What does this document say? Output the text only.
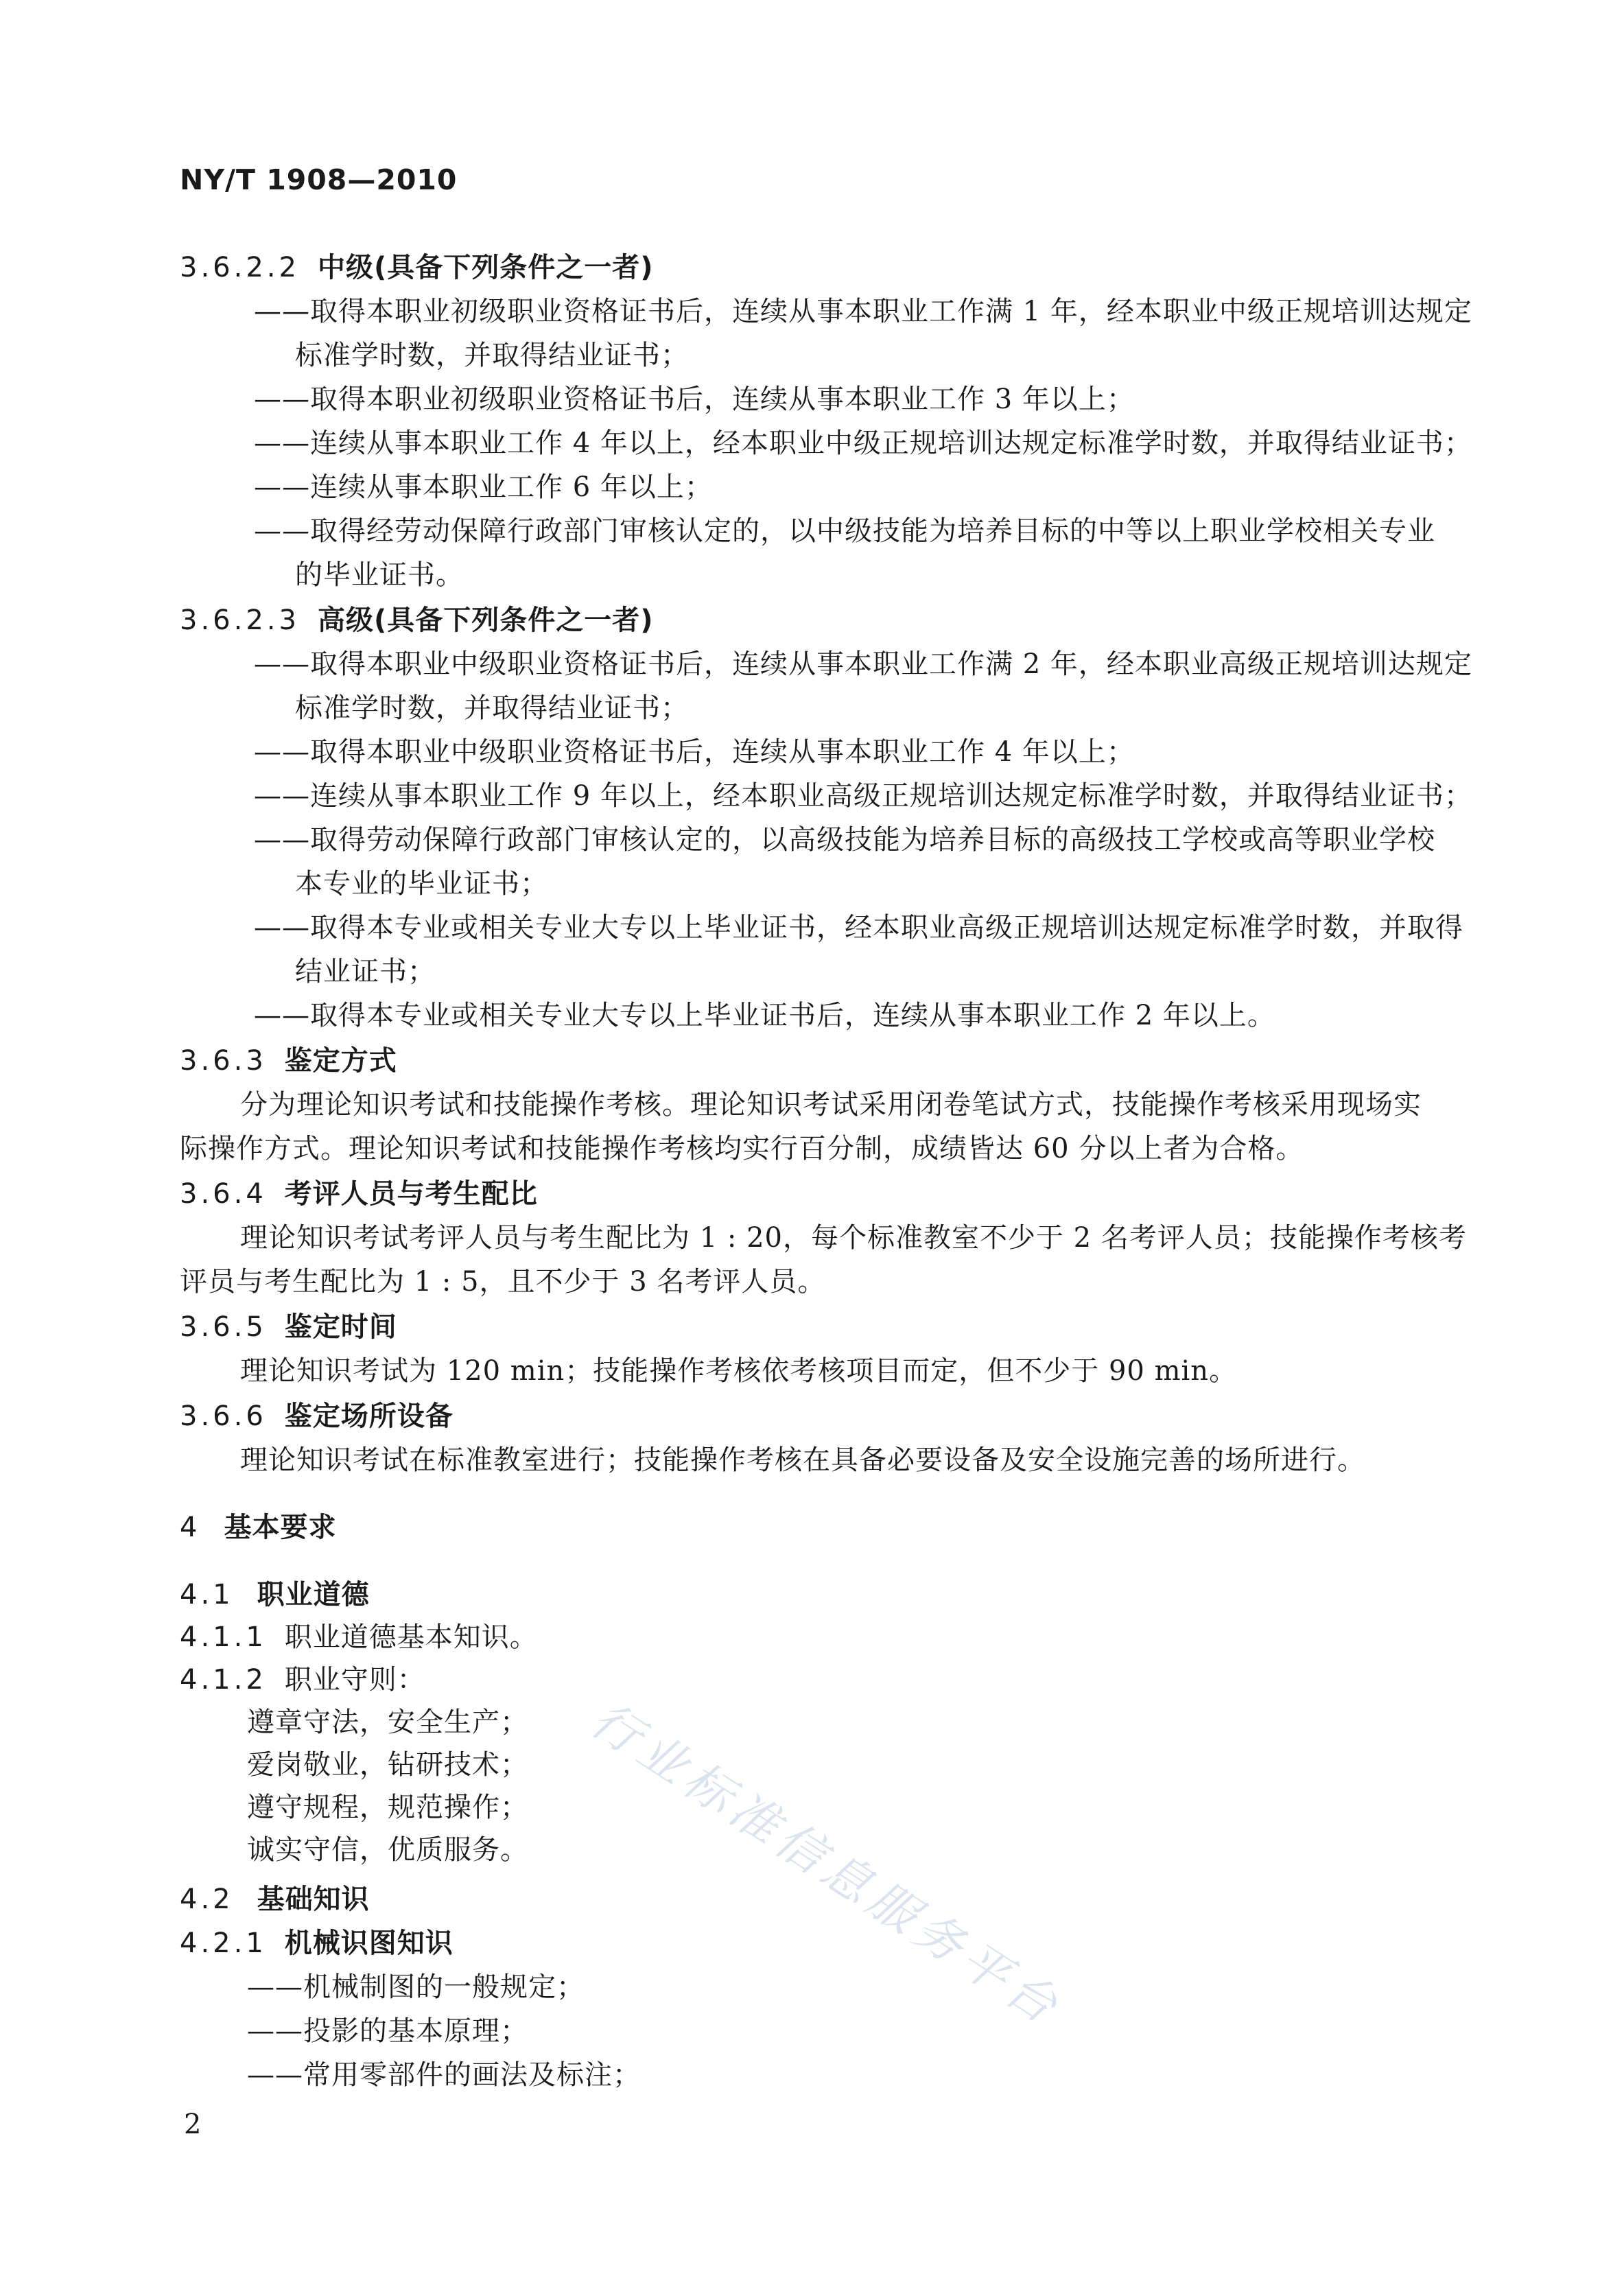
NY/T 1908—2010
3.6.2.2 中级(具备下列条件之一者)
——取得本职业初级职业资格证书后，连续从事本职业工作满 1 年，经本职业中级正规培训达规定
标准学时数，并取得结业证书；
——取得本职业初级职业资格证书后，连续从事本职业工作 3 年以上；
——连续从事本职业工作 4 年以上，经本职业中级正规培训达规定标准学时数，并取得结业证书；
——连续从事本职业工作 6 年以上；
——取得经劳动保障行政部门审核认定的，以中级技能为培养目标的中等以上职业学校相关专业
的毕业证书。
3.6.2.3 高级(具备下列条件之一者)
——取得本职业中级职业资格证书后，连续从事本职业工作满 2 年，经本职业高级正规培训达规定
标准学时数，并取得结业证书；
——取得本职业中级职业资格证书后，连续从事本职业工作 4 年以上；
——连续从事本职业工作 9 年以上，经本职业高级正规培训达规定标准学时数，并取得结业证书；
——取得劳动保障行政部门审核认定的，以高级技能为培养目标的高级技工学校或高等职业学校
本专业的毕业证书；
——取得本专业或相关专业大专以上毕业证书，经本职业高级正规培训达规定标准学时数，并取得
结业证书；
——取得本专业或相关专业大专以上毕业证书后，连续从事本职业工作 2 年以上。
3.6.3 鉴定方式
分为理论知识考试和技能操作考核。理论知识考试采用闭卷笔试方式，技能操作考核采用现场实
际操作方式。理论知识考试和技能操作考核均实行百分制，成绩皆达 60 分以上者为合格。
3.6.4 考评人员与考生配比
理论知识考试考评人员与考生配比为 1 : 20，每个标准教室不少于 2 名考评人员；技能操作考核考
评员与考生配比为 1 : 5，且不少于 3 名考评人员。
3.6.5 鉴定时间
理论知识考试为 120 min；技能操作考核依考核项目而定，但不少于 90 min。
3.6.6 鉴定场所设备
理论知识考试在标准教室进行；技能操作考核在具备必要设备及安全设施完善的场所进行。
4 基本要求
4.1 职业道德
4.1.1 职业道德基本知识。
4.1.2 职业守则：
遵章守法，安全生产；
爱岗敬业，钻研技术；
遵守规程，规范操作；
诚实守信，优质服务。
4.2 基础知识
4.2.1 机械识图知识
——机械制图的一般规定；
——投影的基本原理；
——常用零部件的画法及标注；
2
行业标准信息服务平台
